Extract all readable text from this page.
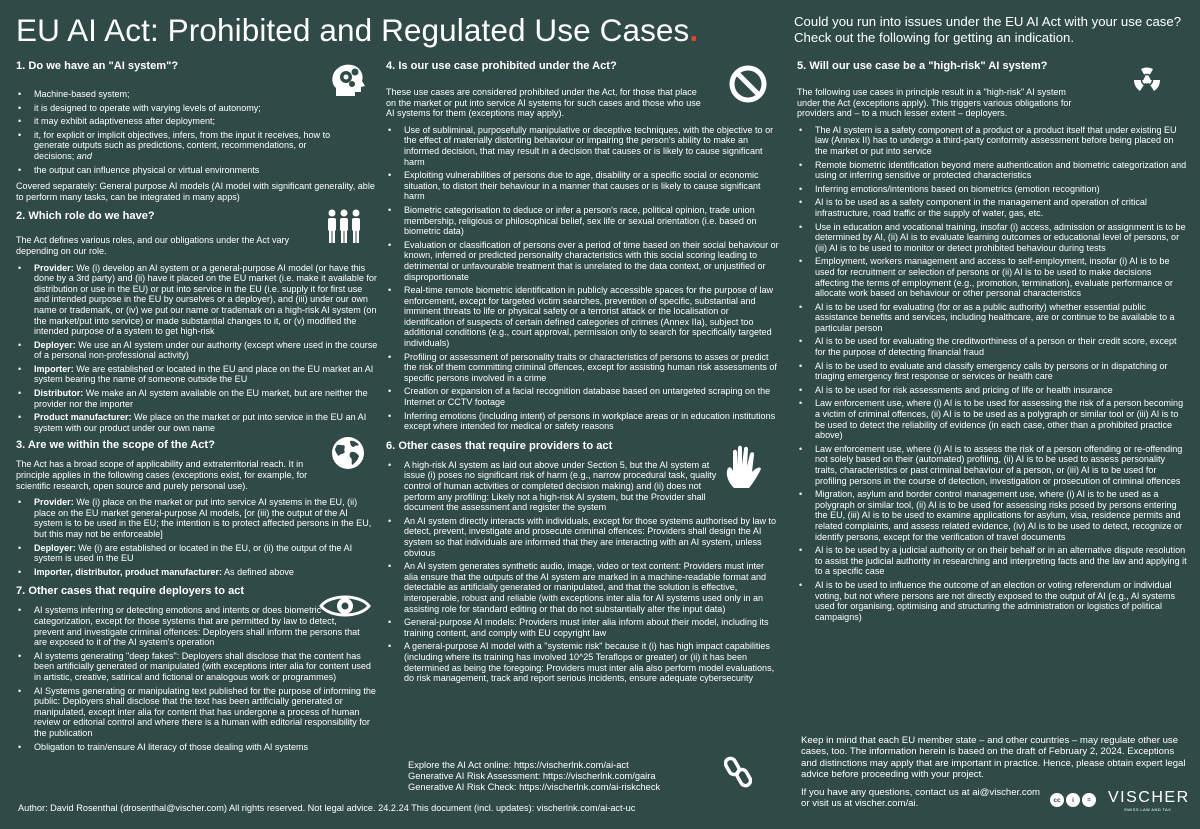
EU AI Act: Prohibited and Regulated Use Cases.	Could you run into issues under the EU AI Act with your use case? Check out the following for getting an indication.
1. Do we have an "AI system"?
• Machine-based system;
• it is designed to operate with varying levels of autonomy;
• it may exhibit adaptiveness after deployment;
• it, for explicit or implicit objectives, infers, from the input it receives, how to generate outputs such as predictions, content, recommendations, or decisions; and
• the output can influence physical or virtual environments

Covered separately: General purpose AI models (AI model with significant generality, able to perform many tasks, can be integrated in many apps)

2. Which role do we have?

The Act defines various roles, and our obligations under the Act vary depending on our role.

• Provider: We (i) develop an AI system or a general-purpose AI model (or have this done by a 3rd party) and (ii) have it placed on the EU market (i.e. make it available for distribution or use in the EU) or put into service in the EU (i.e. supply it for first use and intended purpose in the EU by ourselves or a deployer), and (iii) under our own name or trademark, or (iv) we put our name or trademark on a high-risk AI system (on the market/put into service) or made substantial changes to it, or (v) modified the intended purpose of a system to get high-risk
• Deployer: We use an AI system under our authority (except where used in the course of a personal non-professional activity)
• Importer: We are established or located in the EU and place on the EU market an AI system bearing the name of someone outside the EU
• Distributor: We make an AI system available on the EU market, but are neither the provider nor the importer
• Product manufacturer: We place on the market or put into service in the EU an AI system with our product under our own name
3. Are we within the scope of the Act?

The Act has a broad scope of applicability and extraterritorial reach. It in principle applies in the following cases (exceptions exist, for example, for scientific research, open source and purely personal use).

• Provider: We (i) place on the market or put into service AI systems in the EU, (ii) place on the EU market general-purpose AI models, [or (iii) the output of the AI system is to be used in the EU; the intention is to protect affected persons in the EU, but this may not be enforceable]
• Deployer: We (i) are established or located in the EU, or (ii) the output of the AI system is used in the EU
• Importer, distributor, product manufacturer: As defined above
7. Other cases that require deployers to act
• AI systems inferring or detecting emotions and intents or does biometric categorization, except for those systems that are permitted by law to detect, prevent and investigate criminal offences: Deployers shall inform the persons that are exposed to it of the AI system's operation
• AI systems generating "deep fakes": Deployers shall disclose that the content has been artificially generated or manipulated (with exceptions inter alia for content used in artistic, creative, satirical and fictional or analogous work or programmes)
• AI Systems generating or manipulating text published for the purpose of informing the public: Deployers shall disclose that the text has been artificially generated or manipulated, except inter alia for content that has undergone a process of human review or editorial control and where there is a human with editorial responsibility for the publication
• Obligation to train/ensure AI literacy of those dealing with AI systems
4. Is our use case prohibited under the Act?

These use cases are considered prohibited under the Act, for those that place on the market or put into service AI systems for such cases and those who use AI systems for them (exceptions may apply).

• Use of subliminal, purposefully manipulative or deceptive techniques, with the objective to or the effect of materially distorting behaviour or impairing the person's ability to make an informed decision, that may result in a decision that causes or is likely to cause significant harm
• Exploiting vulnerabilities of persons due to age, disability or a specific social or economic situation, to distort their behaviour in a manner that causes or is likely to cause significant harm
• Biometric categorisation to deduce or infer a person's race, political opinion, trade union membership, religious or philosophical belief, sex life or sexual orientation (i.e. based on biometric data)
• Evaluation or classification of persons over a period of time based on their social behaviour or known, inferred or predicted personality characteristics with this social scoring leading to detrimental or unfavourable treatment that is unrelated to the data context, or unjustified or disproportionate
• Real-time remote biometric identification in publicly accessible spaces for the purpose of law enforcement, except for targeted victim searches, prevention of specific, substantial and imminent threats to life or physical safety or a terrorist attack or the localisation or identification of suspects of certain defined categories of crimes (Annex IIa), subject too additional conditions (e.g., court approval, permission only to search for specifically targeted individuals)
• Profiling or assessment of personality traits or characteristics of persons to asses or predict the risk of them committing criminal offences, except for assisting human risk assessments of specific persons involved in a crime
• Creation or expansion of a facial recognition database based on untargeted scraping on the Internet or CCTV footage
• Inferring emotions (including intent) of persons in workplace areas or in education institutions except where intended for medical or safety reasons
6. Other cases that require providers to act
• A high-risk AI system as laid out above under Section 5, but the AI system at issue (i) poses no significant risk of harm (e.g., narrow procedural task, quality control of human activities or completed decision making) and (ii) does not perform any profiling: Likely not a high-risk AI system, but the Provider shall document the assessment and register the system
• An AI system directly interacts with individuals, except for those systems authorised by law to detect, prevent, investigate and prosecute criminal offences: Providers shall design the AI system so that individuals are informed that they are interacting with an AI system, unless obvious
• An AI system generates synthetic audio, image, video or text content: Providers must inter alia ensure that the outputs of the AI system are marked in a machine-readable format and detectable as artificially generated or manipulated, and that the solution is effective, interoperable, robust and reliable (with exceptions inter alia for AI systems used only in an assisting role for standard editing or that do not substantially alter the input data)
• General-purpose AI models: Providers must inter alia inform about their model, including its training content, and comply with EU copyright law
• A general-purpose AI model with a "systemic risk" because it (i) has high impact capabilities (including where its training has involved 10^25 Teraflops or greater) or (ii) it has been determined as being the foregoing: Providers must inter alia also perform model evaluations, do risk management, track and report serious incidents, ensure adequate cybersecurity
Explore the AI Act online: https://vischerlnk.com/ai-act
Generative AI Risk Assessment: https://vischerlnk.com/gaira
Generative AI Risk Check: https://vischerlnk.com/ai-riskcheck
5. Will our use case be a "high-risk" AI system?

The following use cases in principle result in a "high-risk" AI system under the Act (exceptions apply). This triggers various obligations for providers and – to a much lesser extent – deployers.

• The AI system is a safety component of a product or a product itself that under existing EU law (Annex II) has to undergo a third-party conformity assessment before being placed on the market or put into service
• Remote biometric identification beyond mere authentication and biometric categorization and using or inferring sensitive or protected characteristics
• Inferring emotions/intentions based on biometrics (emotion recognition)
• AI is to be used as a safety component in the management and operation of critical infrastructure, road traffic or the supply of water, gas, etc.
• Use in education and vocational training, insofar (i) access, admission or assignment is to be determined by AI, (ii) AI is to evaluate learning outcomes or educational level of persons, or (iii) AI is to be used to monitor or detect prohibited behaviour during tests
• Employment, workers management and access to self-employment, insofar (i) AI is to be used for recruitment or selection of persons or (ii) AI is to be used to make decisions affecting the terms of employment (e.g., promotion, termination), evaluate performance or allocate work based on behaviour or other personal characteristics
• AI is to be used for evaluating (for or as a public authority) whether essential public assistance benefits and services, including healthcare, are or continue to be available to a particular person
• AI is to be used for evaluating the creditworthiness of a person or their credit score, except for the purpose of detecting financial fraud
• AI is to be used to evaluate and classify emergency calls by persons or in dispatching or triaging emergency first response or services or health care
• AI is to be used for risk assessments and pricing of life or health insurance
• Law enforcement use, where (i) AI is to be used for assessing the risk of a person becoming a victim of criminal offences, (ii) AI is to be used as a polygraph or similar tool or (iii) AI is to be used to detect the reliability of evidence (in each case, other than a prohibited practice above)
• Law enforcement use, where (i) AI is to assess the risk of a person offending or re-offending not solely based on their (automated) profiling, (ii) AI is to be used to assess personality traits, characteristics or past criminal behaviour of a person, or (iii) AI is to be used for profiling persons in the course of detection, investigation or prosecution of criminal offences
• Migration, asylum and border control management use, where (i) AI is to be used as a polygraph or similar tool, (ii) AI is to be used for assessing risks posed by persons entering the EU, (iii) AI is to be used to examine applications for asylum, visa, residence permits and related complaints, and assess related evidence, (iv) AI is to be used to detect, recognize or identify persons, except for the verification of travel documents
• AI is to be used by a judicial authority or on their behalf or in an alternative dispute resolution to assist the judicial authority in researching and interpreting facts and the law and applying it to a specific case
• AI is to be used to influence the outcome of an election or voting referendum or individual voting, but not where persons are not directly exposed to the output of AI (e.g., AI systems used for organising, optimising and structuring the administration or logistics of political campaigns)
Keep in mind that each EU member state – and other countries – may regulate other use cases, too. The information herein is based on the draft of February 2, 2024. Exceptions and distinctions may apply that are important in practice. Hence, please obtain expert legal advice before proceeding with your project.
If you have any questions, contact us at ai@vischer.com or visit us at vischer.com/ai.	cc	i	=	VISCHER
SWISS LAW AND TAX
Author: David Rosenthal (drosenthal@vischer.com) All rights reserved. Not legal advice. 24.2.24 This document (incl. updates): vischerlnk.com/ai-act-uc
